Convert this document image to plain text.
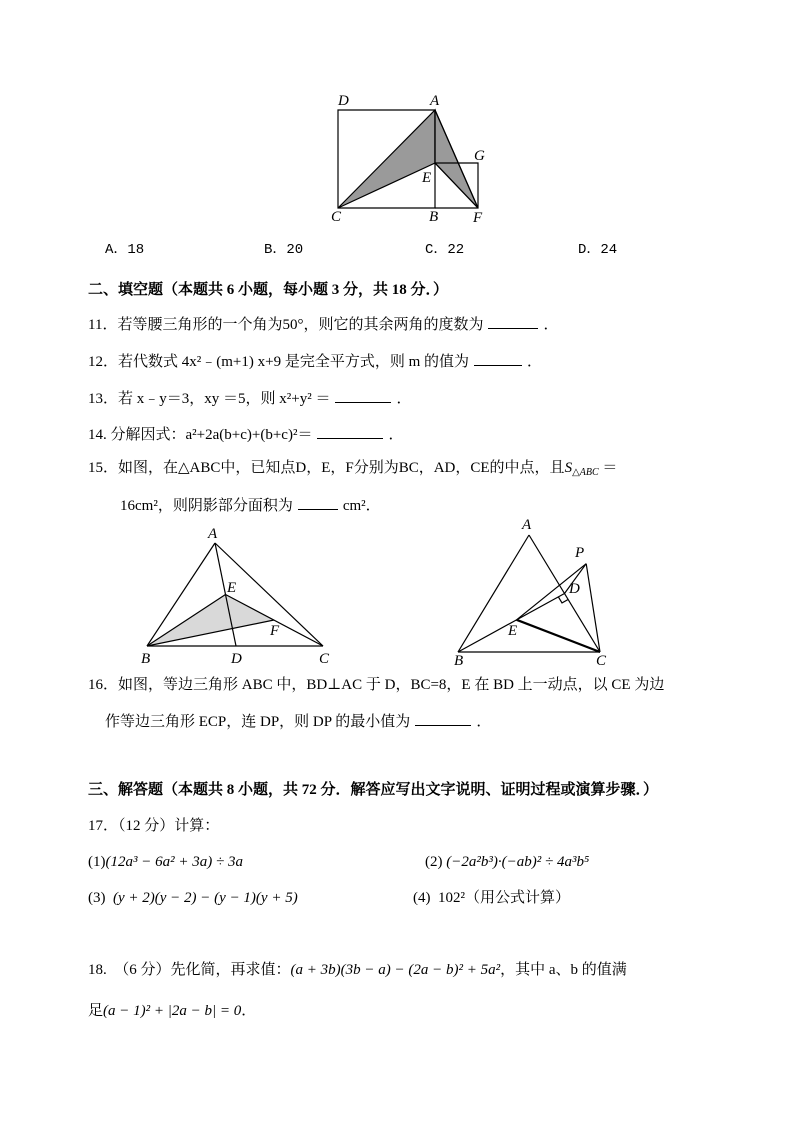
D	A
G
E
C	B F
A．18	B．20	C．22	D．24
二、填空题（本题共 6 小题，每小题 3 分，共 18 分．）
11．若等腰三角形的一个角为50°，则它的其余两角的度数为	．
12．若代数式 4x²﹣(m+1) x+9 是完全平方式，则 m 的值为	．
13．若 x﹣y＝3，xy ＝5，则 x²+y² ＝	．
14. 分解因式：a²+2a(b+c)+(b+c)²＝	．
15．如图，在△ABC中，已知点D，E，F分别为BC，AD，CE的中点，且$S_{\triangle ABC}$ ＝
16cm²，则阴影部分面积为	cm²．
A
E
F
B	D	C
A
P
D
E
B	C
16．如图，等边三角形 ABC 中，BD⊥AC 于 D，BC=8，E 在 BD 上一动点，以 CE 为边
作等边三角形 ECP，连 DP，则 DP 的最小值为	．
三、解答题（本题共 8 小题，共 72 分．解答应写出文字说明、证明过程或演算步骤．）
17．（12 分）计算：
(1)(12a³ − 6a² + 3a) ÷ 3a	(2) (−2a²b³)·(−ab)² ÷ 4a³b⁵
(3) (y + 2)(y − 2) − (y − 1)(y + 5)	(4) 102²（用公式计算）
18. （6 分）先化简，再求值：(a + 3b)(3b − a) − (2a − b)² + 5a²，其中 a、b 的值满
足(a − 1)² + |2a − b| = 0．
